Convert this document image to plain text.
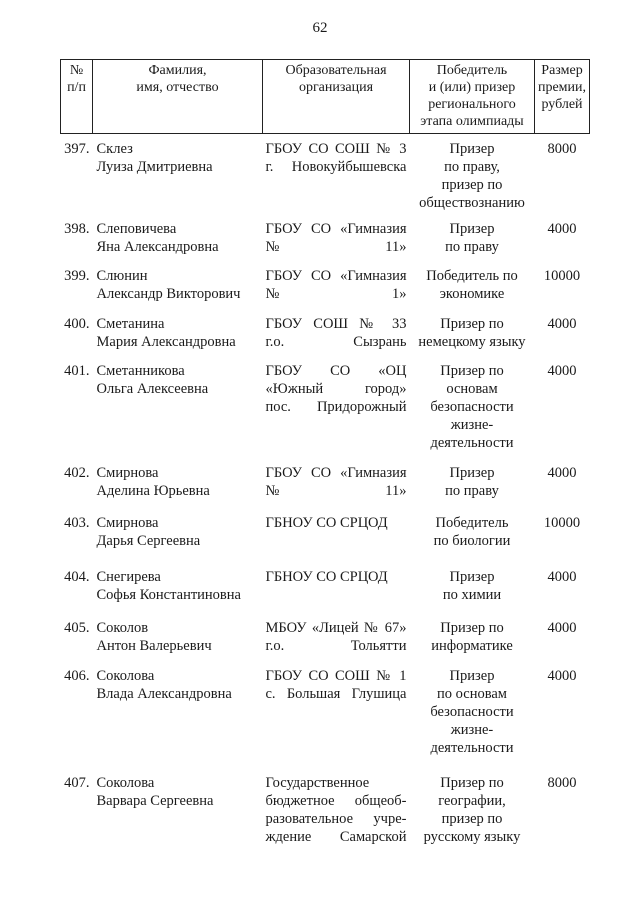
62
№
п/п	Фамилия,
имя, отчество	Образовательная
организация	Победитель
и (или) призер
регионального
этапа олимпиады	Размер
премии,
рублей

397.	Склез
Луиза Дмитриевна	ГБОУ СО СОШ № 3
г. Новокуйбышевска	Призер
по праву,
призер по
обществознанию	8000
398.	Слеповичева
Яна Александровна	ГБОУ СО «Гимназия
№ 11»	Призер
по праву	4000
399.	Слюнин
Александр Викторович	ГБОУ СО «Гимназия
№ 1»	Победитель по
экономике	10000
400.	Сметанина
Мария Александровна	ГБОУ СОШ № 33
г.о. Сызрань	Призер по
немецкому языку	4000
401.	Сметанникова
Ольга Алексеевна	ГБОУ СО «ОЦ
«Южный город»
пос. Придорожный	Призер по
основам
безопасности
жизне-
деятельности	4000
402.	Смирнова
Аделина Юрьевна	ГБОУ СО «Гимназия
№ 11»	Призер
по праву	4000
403.	Смирнова
Дарья Сергеевна	ГБНОУ СО СРЦОД	Победитель
по биологии	10000
404.	Снегирева
Софья Константиновна	ГБНОУ СО СРЦОД	Призер
по химии	4000
405.	Соколов
Антон Валерьевич	МБОУ «Лицей № 67»
г.о. Тольятти	Призер по
информатике	4000
406.	Соколова
Влада Александровна	ГБОУ СО СОШ № 1
с. Большая Глушица	Призер
по основам
безопасности
жизне-
деятельности	4000
407.	Соколова
Варвара Сергеевна	Государственное
бюджетное общеоб-
разовательное учре-
ждение Самарской	Призер по
географии,
призер по
русскому языку	8000
